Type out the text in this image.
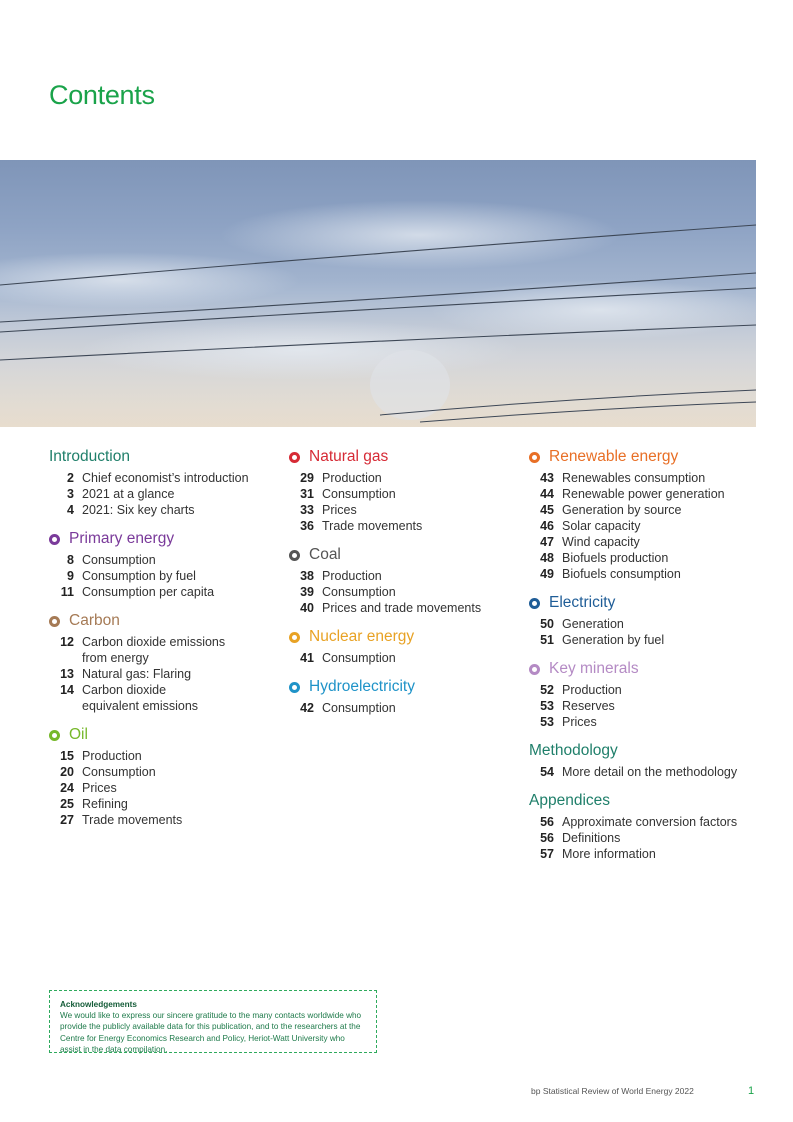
Contents
Introduction
2 Chief economist’s introduction
3 2021 at a glance
4 2021: Six key charts
Primary energy
8 Consumption
9 Consumption by fuel
11 Consumption per capita
Carbon
12 Carbon dioxide emissions
from energy
13 Natural gas: Flaring
14 Carbon dioxide
equivalent emissions
Oil
15 Production
20 Consumption
24 Prices
25 Refining
27 Trade movements
Natural gas
29 Production
31 Consumption
33 Prices
36 Trade movements
Coal
38 Production
39 Consumption
40 Prices and trade movements
Nuclear energy
41 Consumption
Hydroelectricity
42 Consumption
Renewable energy
43 Renewables consumption
44 Renewable power generation
45 Generation by source
46 Solar capacity
47 Wind capacity
48 Biofuels production
49 Biofuels consumption
Electricity
50 Generation
51 Generation by fuel
Key minerals
52 Production
53 Reserves
53 Prices
Methodology
54 More detail on the methodology
Appendices
56 Approximate conversion factors
56 Definitions
57 More information
Acknowledgements
We would like to express our sincere gratitude to the many contacts worldwide who provide the publicly available data for this publication, and to the researchers at the Centre for Energy Economics Research and Policy, Heriot-Watt University who assist in the data compilation.
bp Statistical Review of World Energy 2022	1
